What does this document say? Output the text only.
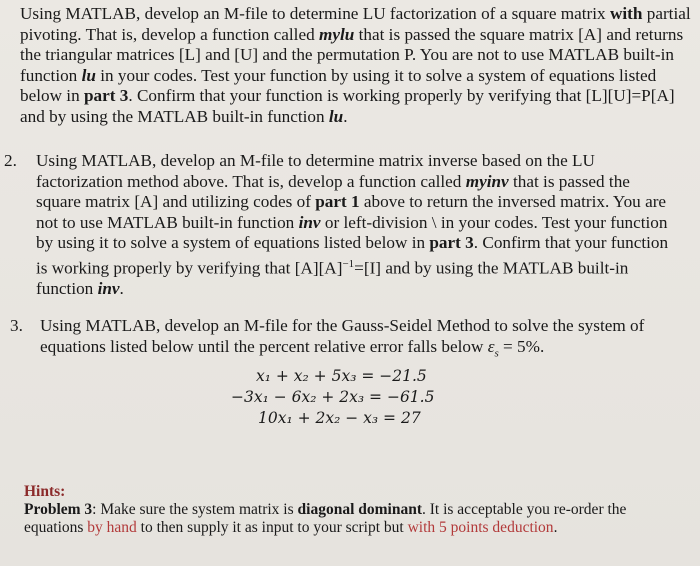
Using MATLAB, develop an M-file to determine LU factorization of a square matrix with partial pivoting. That is, develop a function called mylu that is passed the square matrix [A] and returns the triangular matrices [L] and [U] and the permutation P. You are not to use MATLAB built-in function lu in your codes. Test your function by using it to solve a system of equations listed below in part 3. Confirm that your function is working properly by verifying that [L][U]=P[A] and by using the MATLAB built-in function lu.
2.	Using MATLAB, develop an M-file to determine matrix inverse based on the LU factorization method above. That is, develop a function called myinv that is passed the square matrix [A] and utilizing codes of part 1 above to return the inversed matrix. You are not to use MATLAB built-in function inv or left-division \ in your codes. Test your function by using it to solve a system of equations listed below in part 3. Confirm that your function is working properly by verifying that $[A][A]^{-1}=[I]$ and by using the MATLAB built-in function inv.
3. Using MATLAB, develop an M-file for the Gauss-Seidel Method to solve the system of equations listed below until the percent relative error falls below $\varepsilon_s = 5\%$.
x₁ + x₂ + 5x₃ = −21.5
−3x₁ − 6x₂ + 2x₃ = −61.5
10x₁ + 2x₂ − x₃ = 27
Hints:
Problem 3: Make sure the system matrix is diagonal dominant. It is acceptable you re-order the equations by hand to then supply it as input to your script but with 5 points deduction.
